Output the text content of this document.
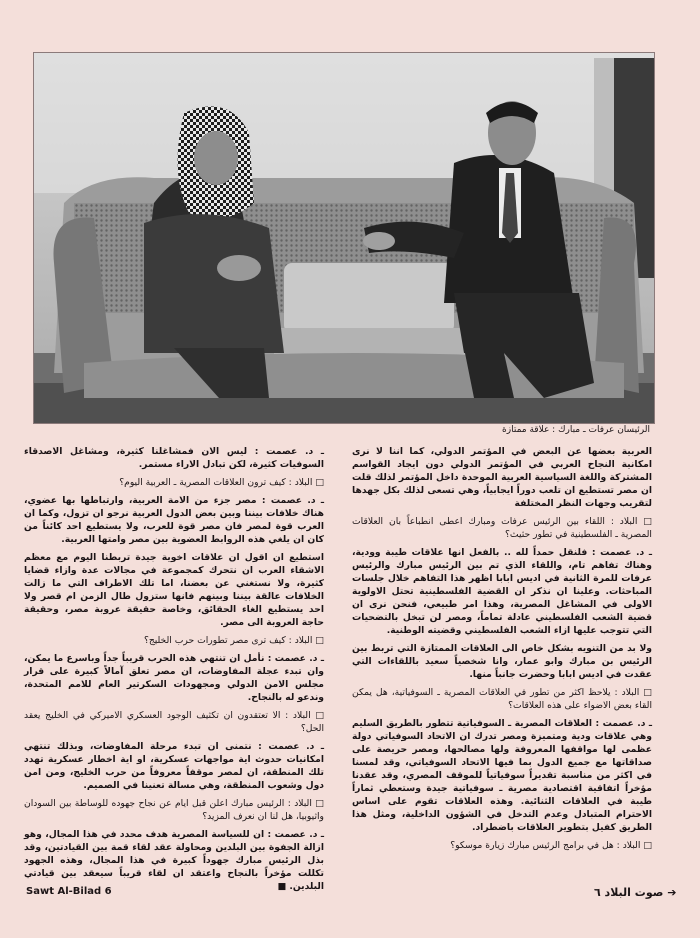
الرئيسان عرفات ـ مبارك : علاقة ممتازة

العربية بعضها عن البعض في المؤتمر الدولي، كما اننا لا نرى امكانية النجاح العربي في المؤتمر الدولي دون ايجاد القواسم المشتركة واللغة السياسية العربية الموحدة داخل المؤتمر لذلك قلت ان مصر تستطيع ان تلعب دوراً ايجابياً، وهي تسعى لذلك بكل جهدها لتقريب وجهات النظر المختلفة

□ البلاد : اللقاء بين الرئيس عرفات ومبارك اعطى انطباعاً بان العلاقات المصرية ـ الفلسطينية في تطور حثيث؟

ـ د. عصمت : فلنقل حمداً لله .. بالفعل انها علاقات طيبة وودية، وهناك تفاهم تام، واللقاء الذي تم بين الرئيس مبارك والرئيس عرفات للمرة الثانية في اديس ابابا اظهر هذا التفاهم خلال جلسات المباحثات. وعلينا ان نذكر ان القضية الفلسطينية تحتل الاولوية الاولى في المشاغل المصرية، وهذا امر طبيعي، فنحن نرى ان قضية الشعب الفلسطيني عادلة تماماً، ومصر لن تبخل بالتضحيات التي تتوجب عليها ازاء الشعب الفلسطيني وقضيته الوطنية.

ولا بد من التنويه بشكل خاص الى العلاقات الممتازة التي تربط بين الرئيس بن مبارك وابو عمار، وانا شخصياً سعيد باللقاءات التي عقدت في اديس ابابا وحضرت جانباً منها.

□ البلاد : يلاحظ اكثر من تطور في العلاقات المصرية ـ السوفياتية، هل يمكن القاء بعض الاضواء على هذه العلاقات؟

ـ د. عصمت : العلاقات المصرية ـ السوفياتية تتطور بالطريق السليم وهي علاقات ودية ومتميزة ومصر تدرك ان الاتحاد السوفياتي دولة عظمى لها مواقفها المعروفة ولها مصالحها، ومصر حريصة على صداقاتها مع جميع الدول بما فيها الاتحاد السوفياتي، وقد لمسنا في اكثر من مناسبة تقديراً سوفياتياً للموقف المصري، وقد عقدنا مؤخراً اتفاقية اقتصادية مصرية ـ سوفياتية جيدة وستعطي ثماراً طيبة في العلاقات الثنائية. وهذه العلاقات تقوم على اساس الاحترام المتبادل وعدم التدخل في الشؤون الداخلية، ومثل هذا الطريق كفيل بتطوير العلاقات باضطراد.

□ البلاد : هل في برامج الرئيس مبارك زيارة موسكو؟

ـ د. عصمت : ليس الان فمشاغلنا كثيرة، ومشاغل الاصدقاء السوفيات كثيرة، لكن تبادل الاراء مستمر.

□ البلاد : كيف ترون العلاقات المصرية ـ العربية اليوم؟

ـ د. عصمت : مصر جزء من الامة العربية، وارتباطها بها عضوي، هناك خلافات بيننا وبين بعض الدول العربية نرجو ان تزول، وكما ان العرب قوة لمصر فان مصر قوة للعرب، ولا يستطيع احد كائناً من كان ان يلغي هذه الروابط العضوية بين مصر وامتها العربية.

استطيع ان اقول ان علاقات اخوية جيدة تربطنا اليوم مع معظم الاشقاء العرب ان نتحرك كمجموعة في مجالات عدة وازاء قضايا كثيرة، ولا نستغني عن بعضنا، اما تلك الاطراف التي ما زالت الخلافات عالقة بيننا وبينهم فانها ستزول طال الزمن ام قصر ولا احد يستطيع الغاء الحقائق، وخاصة حقيقة عروبة مصر، وحقيقة حاجة العروبة الى مصر.

□ البلاد : كيف ترى مصر تطورات حرب الخليج؟

ـ د. عصمت : نأمل ان تنتهي هذه الحرب قريباً جداً وباسرع ما يمكن، وان تبدء عجلة المفاوضات، ان مصر تعلق آمالاً كبيرة على قرار مجلس الامن الدولي ومجهودات السكرتير العام للامم المتحدة، وندعو له بالنجاح.

□ البلاد : الا تعتقدون ان تكثيف الوجود العسكري الاميركي في الخليج يعقد الحل؟

ـ د. عصمت : نتمنى ان تبدء مرحلة المفاوضات، وبذلك تنتهي امكانيات حدوث اية مواجهات عسكرية، او اية اخطار عسكرية تهدد تلك المنطقة، ان لمصر موقفاً معروفاً من حرب الخليج، ومن امن دول وشعوب المنطقة، وهي مسالة تعنينا في الصميم.

□ البلاد : الرئيس مبارك اعلن قبل ايام عن نجاح جهوده للوساطة بين السودان واثيوبيا، هل لنا ان نعرف المزيد؟

ـ د. عصمت : ان للسياسة المصرية هدف محدد في هذا المجال، وهو ازالة الجفوة بين البلدين ومحاولة عقد لقاء قمة بين القيادتين، وقد بذل الرئيس مبارك جهوداً كبيرة في هذا المجال، وهذه الجهود تكللت مؤخراً بالنجاح واعتقد ان لقاء قريباً سيعقد بين قيادتي البلدين. ■

Sawt Al-Bilad 6	➔ صوت البلاد ٦
